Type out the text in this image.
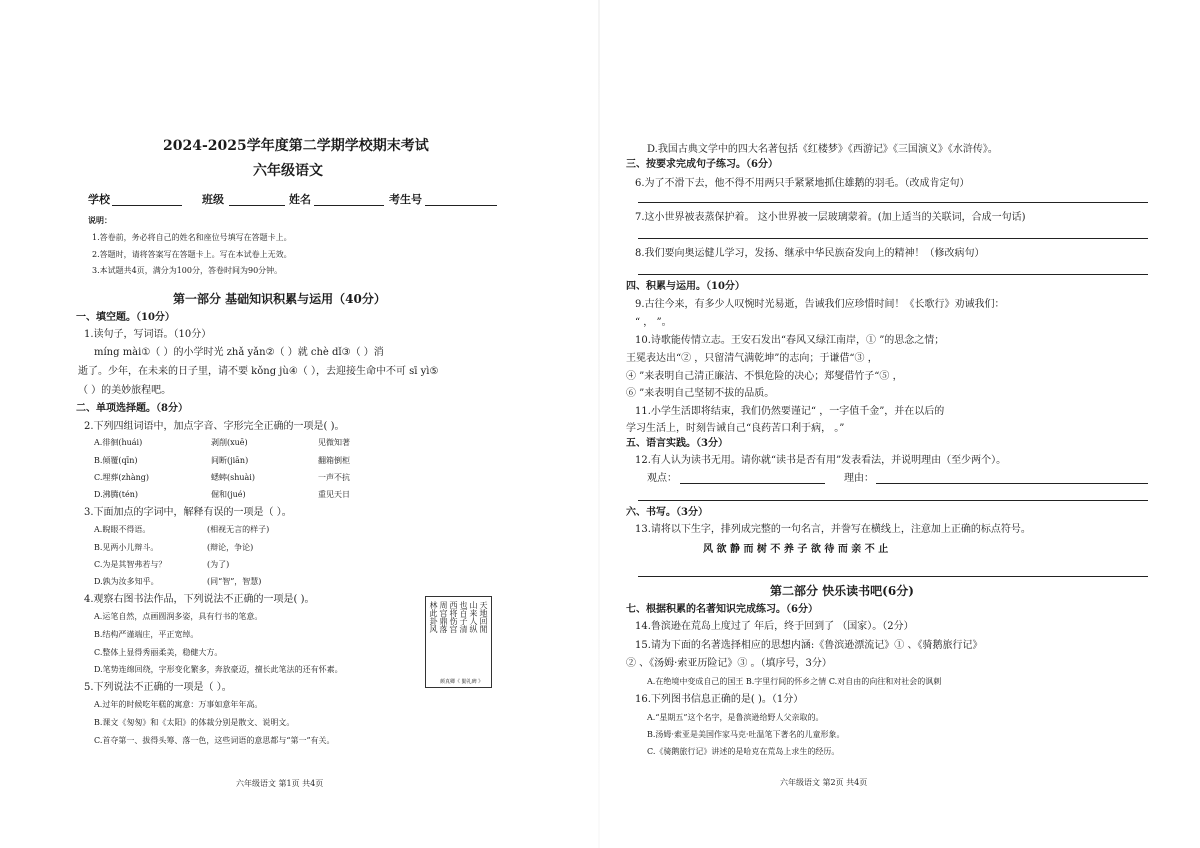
2024-2025学年度第二学期学校期末考试
六年级语文
学校	班级	姓名	考生号
说明：
1.答卷前，务必将自己的姓名和座位号填写在答题卡上。
2.答题时，请将答案写在答题卡上。写在本试卷上无效。
3.本试题共4页，满分为100分，答卷时间为90分钟。
第一部分 基础知识积累与运用（40分）
一、填空题。（10分）
1.读句子，写词语。（10分）
míng mài①（ ）的小学时光 zhǎ yǎn②（ ）就 chè dǐ③（ ）消
逝了。少年，在未来的日子里，请不要 kǒng jù④（ ），去迎接生命中不可 sī yì⑤
（ ）的美妙旅程吧。
二、单项选择题。（8分）
2.下列四组词语中，加点字音、字形完全正确的一项是( )。
A.徘徊(huái)	剥削(xuē)	见微知著
B.倾覆(qīn)	间断(jiān)	翻箱倒柜
C.埋葬(zhàng)	蟋蟀(shuài)	一声不抗
D.沸腾(tén)	倔和(jué)	重见天日
3.下面加点的字词中，解释有误的一项是（ ）。
A.睨眼不得语。	(相视无言的样子)
B.见两小儿辩斗。	(辩论，争论)
C.为是其智弗若与？	(为了)
D.孰为汝多知乎。	(同“智”，智慧)
4.观察右图书法作品，下列说法不正确的一项是( )。
A.运笔自然，点画圆润多姿，具有行书的笔意。
B.结构严谨端庄，平正宽绰。
C.整体上显得秀丽柔美，稳健大方。
D.笔势连绵回绕，字形变化繁多，奔放豪迈，擅长此笔法的还有怀素。
天地回閒
山来人纵
也百子清
西将伤宫
周宫鼎落
林此卦风
颜真卿《 勤礼碑 》
5.下列说法不正确的一项是（ ）。
A.过年的时候吃年糕的寓意：万事如意年年高。
B.课文《匆匆》和《太阳》的体裁分别是散文、说明文。
C.首夺第一、拔得头筹、落一色，这些词语的意思都与“第一”有关。
六年级语文 第1页 共4页
D.我国古典文学中的四大名著包括《红楼梦》《西游记》《三国演义》《水浒传》。
三、按要求完成句子练习。（6分）
6.为了不滑下去，他不得不用两只手紧紧地抓住雄鹅的羽毛。（改成肯定句）
7.这小世界被表蒸保护着。 这小世界被一层玻璃蒙着。(加上适当的关联词，合成一句话)
8.我们要向奥运健儿学习，发扬、继承中华民族奋发向上的精神！（修改病句）
四、积累与运用。（10分）
9.古往今来，有多少人叹惋时光易逝，告诫我们应珍惜时间！《长歌行》劝诫我们：
“ ， ”。
10.诗歌能传情立志。王安石发出“春风又绿江南岸，① ”的思念之情；
王冕表达出“② ，只留清气满乾坤”的志向；于谦借“③ ，
④ ”来表明自己清正廉洁、不惧危险的决心；郑燮借竹子“⑤ ，
⑥ ”来表明自己坚韧不拔的品质。
11.小学生活即将结束，我们仍然要谨记“ ，一字值千金”，并在以后的
学习生活上，时刻告诫自己“良药苦口利于病， 。”
五、语言实践。（3分）
12.有人认为读书无用。请你就“读书是否有用”发表看法，并说明理由（至少两个）。
观点：	理由：
六、书写。（3分）
13.请将以下生字，排列成完整的一句名言，并誊写在横线上，注意加上正确的标点符号。
风 欲 静 而 树 不 养 子 欲 待 而 亲 不 止
第二部分 快乐读书吧(6分)
七、根据积累的名著知识完成练习。（6分）
14.鲁滨逊在荒岛上度过了 年后，终于回到了 （国家）。（2分）
15.请为下面的名著选择相应的思想内涵:《鲁滨逊漂流记》① 、《骑鹅旅行记》
② 、《汤姆·索亚历险记》③ 。（填序号，3分）
A.在绝境中变成自己的国王 B.字里行间的怀乡之情 C.对自由的向往和对社会的讽刺
16.下列图书信息正确的是( )。（1分）
A.“星期五”这个名字，是鲁滨逊给野人父亲取的。
B.汤姆·索亚是美国作家马克·吐温笔下著名的儿童形象。
C.《骑鹅旅行记》讲述的是哈克在荒岛上求生的经历。
六年级语文 第2页 共4页
